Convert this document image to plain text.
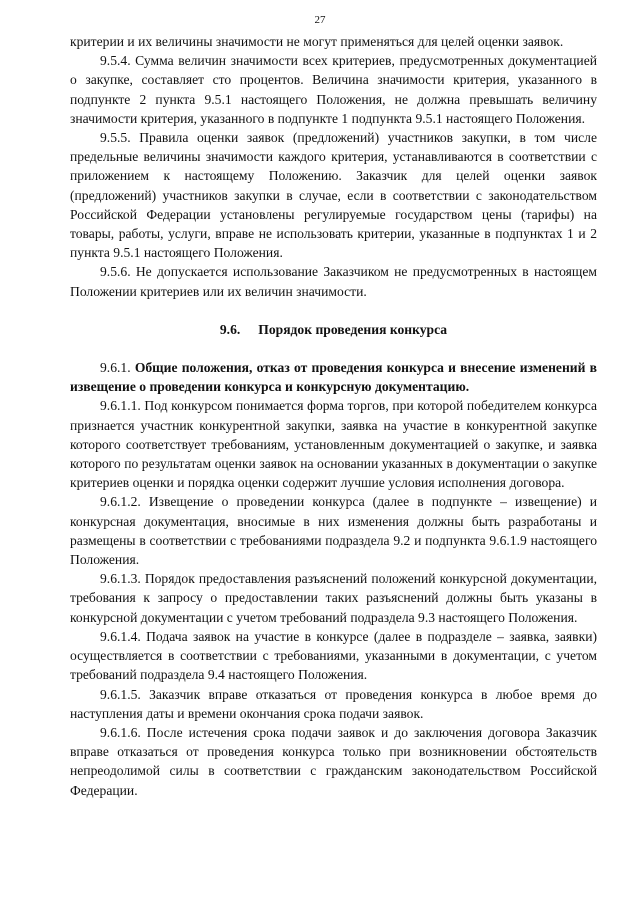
27

критерии и их величины значимости не могут применяться для целей оценки заявок.

9.5.4. Сумма величин значимости всех критериев, предусмотренных документацией о закупке, составляет сто процентов. Величина значимости критерия, указанного в подпункте 2 пункта 9.5.1 настоящего Положения, не должна превышать величину значимости критерия, указанного в подпункте 1 подпункта 9.5.1 настоящего Положения.

9.5.5. Правила оценки заявок (предложений) участников закупки, в том числе предельные величины значимости каждого критерия, устанавливаются в соответствии с приложением к настоящему Положению. Заказчик для целей оценки заявок (предложений) участников закупки в случае, если в соответствии с законодательством Российской Федерации установлены регулируемые государством цены (тарифы) на товары, работы, услуги, вправе не использовать критерии, указанные в подпунктах 1 и 2 пункта 9.5.1 настоящего Положения.

9.5.6. Не допускается использование Заказчиком не предусмотренных в настоящем Положении критериев или их величин значимости.

9.6. Порядок проведения конкурса

9.6.1. Общие положения, отказ от проведения конкурса и внесение изменений в извещение о проведении конкурса и конкурсную документацию.

9.6.1.1. Под конкурсом понимается форма торгов, при которой победителем конкурса признается участник конкурентной закупки, заявка на участие в конкурентной закупке которого соответствует требованиям, установленным документацией о закупке, и заявка которого по результатам оценки заявок на основании указанных в документации о закупке критериев оценки и порядка оценки содержит лучшие условия исполнения договора.

9.6.1.2. Извещение о проведении конкурса (далее в подпункте – извещение) и конкурсная документация, вносимые в них изменения должны быть разработаны и размещены в соответствии с требованиями подраздела 9.2 и подпункта 9.6.1.9 настоящего Положения.

9.6.1.3. Порядок предоставления разъяснений положений конкурсной документации, требования к запросу о предоставлении таких разъяснений должны быть указаны в конкурсной документации с учетом требований подраздела 9.3 настоящего Положения.

9.6.1.4. Подача заявок на участие в конкурсе (далее в подразделе – заявка, заявки) осуществляется в соответствии с требованиями, указанными в документации, с учетом требований подраздела 9.4 настоящего Положения.

9.6.1.5. Заказчик вправе отказаться от проведения конкурса в любое время до наступления даты и времени окончания срока подачи заявок.

9.6.1.6. После истечения срока подачи заявок и до заключения договора Заказчик вправе отказаться от проведения конкурса только при возникновении обстоятельств непреодолимой силы в соответствии с гражданским законодательством Российской Федерации.
